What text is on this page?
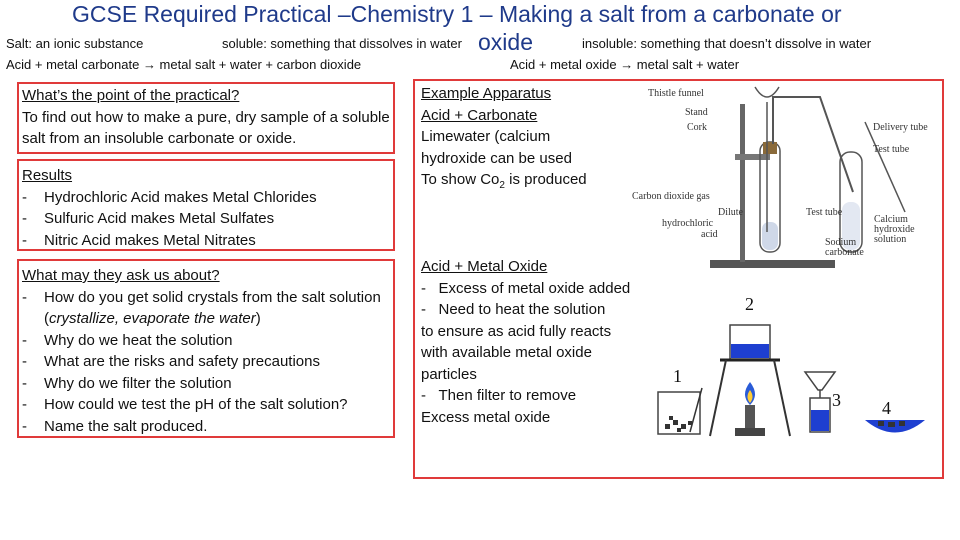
GCSE Required Practical –Chemistry 1 – Making a salt from a carbonate or
oxide
Salt: an ionic substance	soluble: something that dissolves in water	insoluble: something that doesn’t dissolve in water
Acid + metal carbonate → metal salt + water + carbon dioxide	Acid + metal oxide → metal salt + water
What’s the point of the practical?
To find out how to make a pure, dry sample of a soluble salt from an insoluble carbonate or oxide.
Results
- Hydrochloric Acid makes Metal Chlorides
- Sulfuric Acid makes Metal Sulfates
- Nitric Acid makes Metal Nitrates
What may they ask us about?
- How do you get solid crystals from the salt solution (crystallize, evaporate the water)
- Why do we heat the solution
- What are the risks and safety precautions
- Why do we filter the solution
- How could we test the pH of the salt solution?
- Name the salt produced.
Example Apparatus
Acid + Carbonate
Limewater (calcium
hydroxide can be used
To show $Co_2$ is produced
Acid + Metal Oxide
-   Excess of metal oxide added
-   Need to heat the solution
to ensure as acid fully reacts
with available metal oxide
particles
-   Then filter to remove
Excess metal oxide
Thistle funnel
Stand
Cork	Delivery tube
Test tube
Carbon dioxide gas
Dilute
hydrochloric
acid
Test tube
Calcium
hydroxide
solution
Sodium
carbonate
1
2
3 4
